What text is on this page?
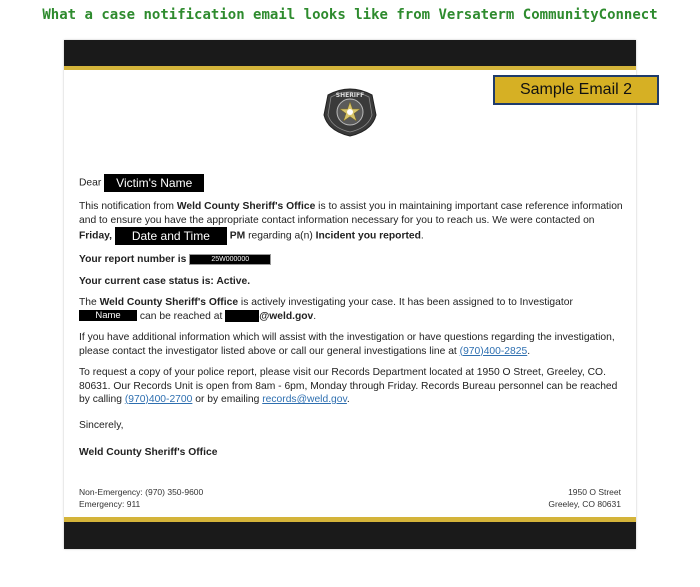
What a case notification email looks like from Versaterm CommunityConnect
Sample Email 2
SHERIFF

Dear Victim's Name

This notification from Weld County Sheriff's Office is to assist you in maintaining important case reference information and to ensure you have the appropriate contact information necessary for you to reach us. We were contacted on Friday, Date and Time PM regarding a(n) Incident you reported.

Your report number is	25W000000

Your current case status is: Active.

The Weld County Sheriff's Office is actively investigating your case. It has been assigned to to Investigator
Name can be reached at	@weld.gov.

If you have additional information which will assist with the investigation or have questions regarding the investigation, please contact the investigator listed above or call our general investigations line at (970)400-2825.

To request a copy of your police report, please visit our Records Department located at 1950 O Street, Greeley, CO. 80631. Our Records Unit is open from 8am - 6pm, Monday through Friday. Records Bureau personnel can be reached by calling (970)400-2700 or by emailing records@weld.gov.

Sincerely,

Weld County Sheriff's Office

Non-Emergency: (970) 350-9600
Emergency: 911
1950 O Street
Greeley, CO 80631
